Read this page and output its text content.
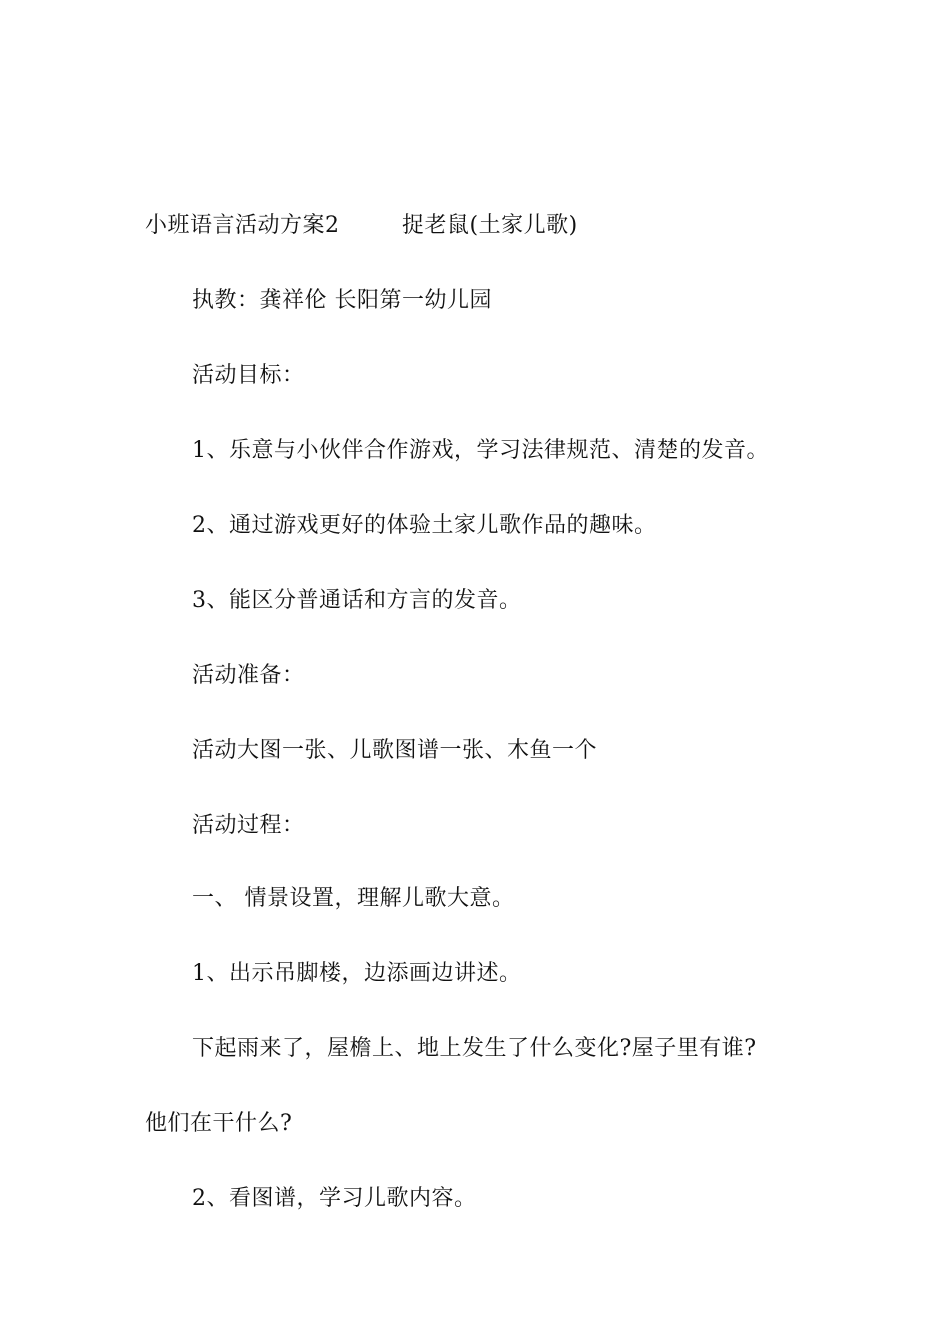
小班语言活动方案2	捉老鼠(土家儿歌)
执教：龚祥伦 长阳第一幼儿园
活动目标：
1、乐意与小伙伴合作游戏，学习法律规范、清楚的发音。
2、通过游戏更好的体验土家儿歌作品的趣味。
3、能区分普通话和方言的发音。
活动准备：
活动大图一张、儿歌图谱一张、木鱼一个
活动过程：
一、 情景设置，理解儿歌大意。
1、出示吊脚楼，边添画边讲述。
下起雨来了，屋檐上、地上发生了什么变化?屋子里有谁?
他们在干什么?
2、看图谱，学习儿歌内容。
